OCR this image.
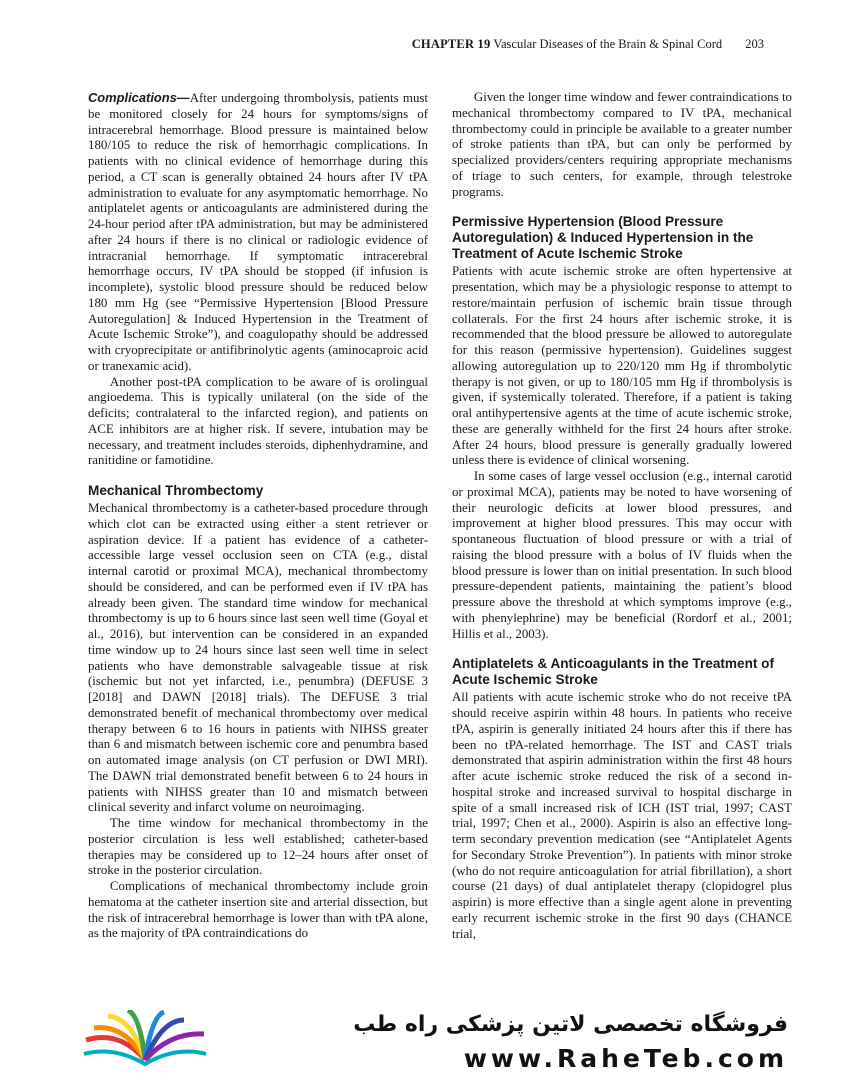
CHAPTER 19 Vascular Diseases of the Brain & Spinal Cord 203

Complications—After undergoing thrombolysis, patients must be monitored closely for 24 hours for symptoms/signs of intracerebral hemorrhage. Blood pressure is maintained below 180/105 to reduce the risk of hemorrhagic complications. In patients with no clinical evidence of hemorrhage during this period, a CT scan is generally obtained 24 hours after IV tPA administration to evaluate for any asymptomatic hemorrhage. No antiplatelet agents or anticoagulants are administered during the 24-hour period after tPA administration, but may be administered after 24 hours if there is no clinical or radiologic evidence of intracranial hemorrhage. If symptomatic intracerebral hemorrhage occurs, IV tPA should be stopped (if infusion is incomplete), systolic blood pressure should be reduced below 180 mm Hg (see “Permissive Hypertension [Blood Pressure Autoregulation] & Induced Hypertension in the Treatment of Acute Ischemic Stroke”), and coagulopathy should be addressed with cryoprecipitate or antifibrinolytic agents (aminocaproic acid or tranexamic acid).

Another post-tPA complication to be aware of is orolingual angioedema. This is typically unilateral (on the side of the deficits; contralateral to the infarcted region), and patients on ACE inhibitors are at higher risk. If severe, intubation may be necessary, and treatment includes steroids, diphenhydramine, and ranitidine or famotidine.

Mechanical Thrombectomy

Mechanical thrombectomy is a catheter-based procedure through which clot can be extracted using either a stent retriever or aspiration device. If a patient has evidence of a catheter-accessible large vessel occlusion seen on CTA (e.g., distal internal carotid or proximal MCA), mechanical thrombectomy should be considered, and can be performed even if IV tPA has already been given. The standard time window for mechanical thrombectomy is up to 6 hours since last seen well time (Goyal et al., 2016), but intervention can be considered in an expanded time window up to 24 hours since last seen well time in select patients who have demonstrable salvageable tissue at risk (ischemic but not yet infarcted, i.e., penumbra) (DEFUSE 3 [2018] and DAWN [2018] trials). The DEFUSE 3 trial demonstrated benefit of mechanical thrombectomy over medical therapy between 6 to 16 hours in patients with NIHSS greater than 6 and mismatch between ischemic core and penumbra based on automated image analysis (on CT perfusion or DWI MRI). The DAWN trial demonstrated benefit between 6 to 24 hours in patients with NIHSS greater than 10 and mismatch between clinical severity and infarct volume on neuroimaging.

The time window for mechanical thrombectomy in the posterior circulation is less well established; catheter-based therapies may be considered up to 12–24 hours after onset of stroke in the posterior circulation.

Complications of mechanical thrombectomy include groin hematoma at the catheter insertion site and arterial dissection, but the risk of intracerebral hemorrhage is lower than with tPA alone, as the majority of tPA contraindications do

Given the longer time window and fewer contraindications to mechanical thrombectomy compared to IV tPA, mechanical thrombectomy could in principle be available to a greater number of stroke patients than tPA, but can only be performed by specialized providers/centers requiring appropriate mechanisms of triage to such centers, for example, through telestroke programs.

Permissive Hypertension (Blood Pressure Autoregulation) & Induced Hypertension in the Treatment of Acute Ischemic Stroke

Patients with acute ischemic stroke are often hypertensive at presentation, which may be a physiologic response to attempt to restore/maintain perfusion of ischemic brain tissue through collaterals. For the first 24 hours after ischemic stroke, it is recommended that the blood pressure be allowed to autoregulate for this reason (permissive hypertension). Guidelines suggest allowing autoregulation up to 220/120 mm Hg if thrombolytic therapy is not given, or up to 180/105 mm Hg if thrombolysis is given, if systemically tolerated. Therefore, if a patient is taking oral antihypertensive agents at the time of acute ischemic stroke, these are generally withheld for the first 24 hours after stroke. After 24 hours, blood pressure is generally gradually lowered unless there is evidence of clinical worsening.

In some cases of large vessel occlusion (e.g., internal carotid or proximal MCA), patients may be noted to have worsening of their neurologic deficits at lower blood pressures, and improvement at higher blood pressures. This may occur with spontaneous fluctuation of blood pressure or with a trial of raising the blood pressure with a bolus of IV fluids when the blood pressure is lower than on initial presentation. In such blood pressure-dependent patients, maintaining the patient’s blood pressure above the threshold at which symptoms improve (e.g., with phenylephrine) may be beneficial (Rordorf et al., 2001; Hillis et al., 2003).

Antiplatelets & Anticoagulants in the Treatment of Acute Ischemic Stroke

All patients with acute ischemic stroke who do not receive tPA should receive aspirin within 48 hours. In patients who receive tPA, aspirin is generally initiated 24 hours after this if there has been no tPA-related hemorrhage. The IST and CAST trials demonstrated that aspirin administration within the first 48 hours after acute ischemic stroke reduced the risk of a second in-hospital stroke and increased survival to hospital discharge in spite of a small increased risk of ICH (IST trial, 1997; CAST trial, 1997; Chen et al., 2000). Aspirin is also an effective long-term secondary prevention medication (see “Antiplatelet Agents for Secondary Stroke Prevention”). In patients with minor stroke (who do not require anticoagulation for atrial fibrillation), a short course (21 days) of dual antiplatelet therapy (clopidogrel plus aspirin) is more effective than a single agent alone in preventing early recurrent ischemic stroke in the first 90 days (CHANCE trial,

فروشگاه تخصصی لاتین پزشکی راه طب
www.RaheTeb.com
